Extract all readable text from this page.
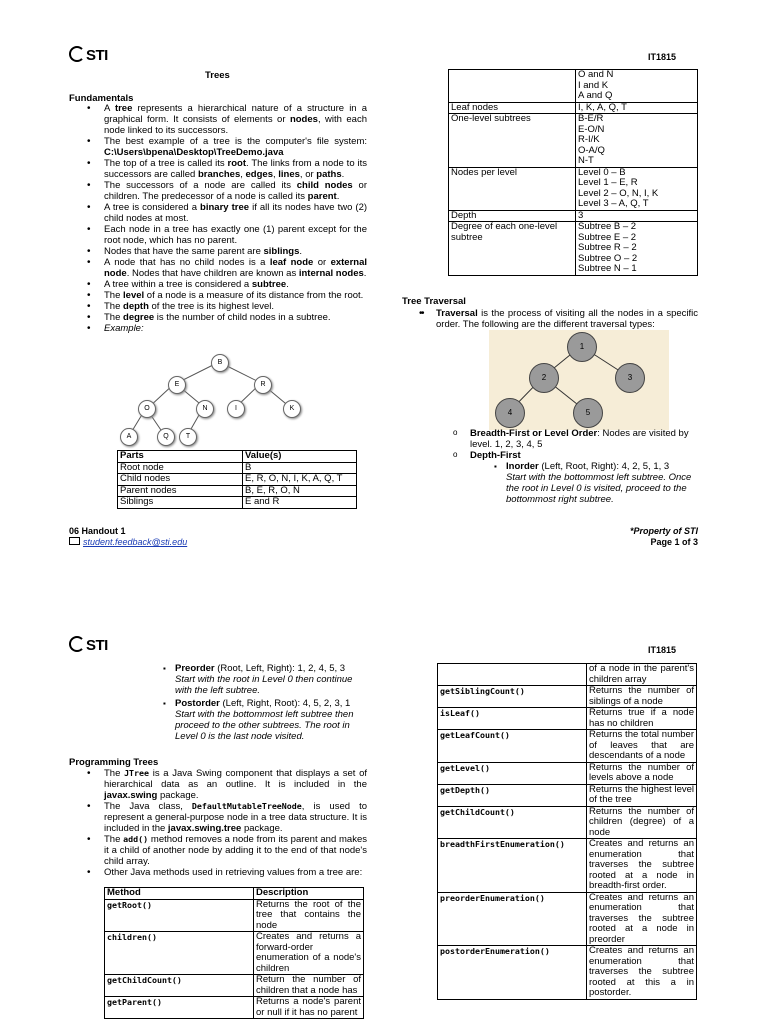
STI	IT1815
Trees
Fundamentals
• A tree represents a hierarchical nature of a structure in a graphical form. It consists of elements or nodes, with each node linked to its successors.
• The best example of a tree is the computer's file system: C:\Users\bpena\Desktop\TreeDemo.java
• The top of a tree is called its root. The links from a node to its successors are called branches, edges, lines, or paths.
• The successors of a node are called its child nodes or children. The predecessor of a node is called its parent.
• A tree is considered a binary tree if all its nodes have two (2) child nodes at most.
• Each node in a tree has exactly one (1) parent except for the root node, which has no parent.
• Nodes that have the same parent are siblings.
• A node that has no child nodes is a leaf node or external node. Nodes that have children are known as internal nodes.
• A tree within a tree is considered a subtree.
• The level of a node is a measure of its distance from the root.
• The depth of the tree is its highest level.
• The degree is the number of child nodes in a subtree.
• Example:
B
E	R
O	N	I	K
A	Q	T
Parts	Value(s)
Root node	B
Child nodes	E, R, O, N, I, K, A, Q, T
Parent nodes	B, E, R, O, N
Siblings	E and R
	O and N
I and K
A and Q
Leaf nodes	I, K, A, Q, T
One-level subtrees	B-E/R
E-O/N
R-I/K
O-A/Q
N-T
Nodes per level	Level 0 – B
Level 1 – E, R
Level 2 – O, N, I, K
Level 3 – A, Q, T
Depth	3
Degree of each one-level subtree	Subtree B – 2
Subtree E – 2
Subtree R – 2
Subtree O – 2
Subtree N – 1
Tree Traversal
Traversal is the process of visiting all the nodes in a specific order. The following are the different traversal types:
•
1
2	3
4	5
o Breadth-First or Level Order: Nodes are visited by level. 1, 2, 3, 4, 5
o Depth-First
▪ Inorder (Left, Root, Right): 4, 2, 5, 1, 3
Start with the bottommost left subtree. Once the root in Level 0 is visited, proceed to the bottommost right subtree.
06 Handout 1
student.feedback@sti.edu
*Property of STI
Page 1 of 3
STI	IT1815
▪ Preorder (Root, Left, Right): 1, 2, 4, 5, 3
Start with the root in Level 0 then continue with the left subtree.
▪ Postorder (Left, Right, Root): 4, 5, 2, 3, 1
Start with the bottommost left subtree then proceed to the other subtrees. The root in Level 0 is the last node visited.
Programming Trees
• The JTree is a Java Swing component that displays a set of hierarchical data as an outline. It is included in the javax.swing package.
• The Java class, DefaultMutableTreeNode, is used to represent a general-purpose node in a tree data structure. It is included in the javax.swing.tree package.
• The add() method removes a node from its parent and makes it a child of another node by adding it to the end of that node's child array.
• Other Java methods used in retrieving values from a tree are:
Method	Description
getRoot()	Returns the root of the tree that contains the node
children()	Creates and returns a forward-order enumeration of a node's children
getChildCount()	Return the number of children that a node has
getParent()	Returns a node's parent or null if it has no parent
	of a node in the parent's children array
getSiblingCount()	Returns the number of siblings of a node
isLeaf()	Returns true if a node has no children
getLeafCount()	Returns the total number of leaves that are descendants of a node
getLevel()	Returns the number of levels above a node
getDepth()	Returns the highest level of the tree
getChildCount()	Returns the number of children (degree) of a node
breadthFirstEnumeration()	Creates and returns an enumeration that traverses the subtree rooted at a node in breadth-first order.
preorderEnumeration()	Creates and returns an enumeration that traverses the subtree rooted at a node in preorder
postorderEnumeration()	Creates and returns an enumeration that traverses the subtree rooted at this a in postorder.
